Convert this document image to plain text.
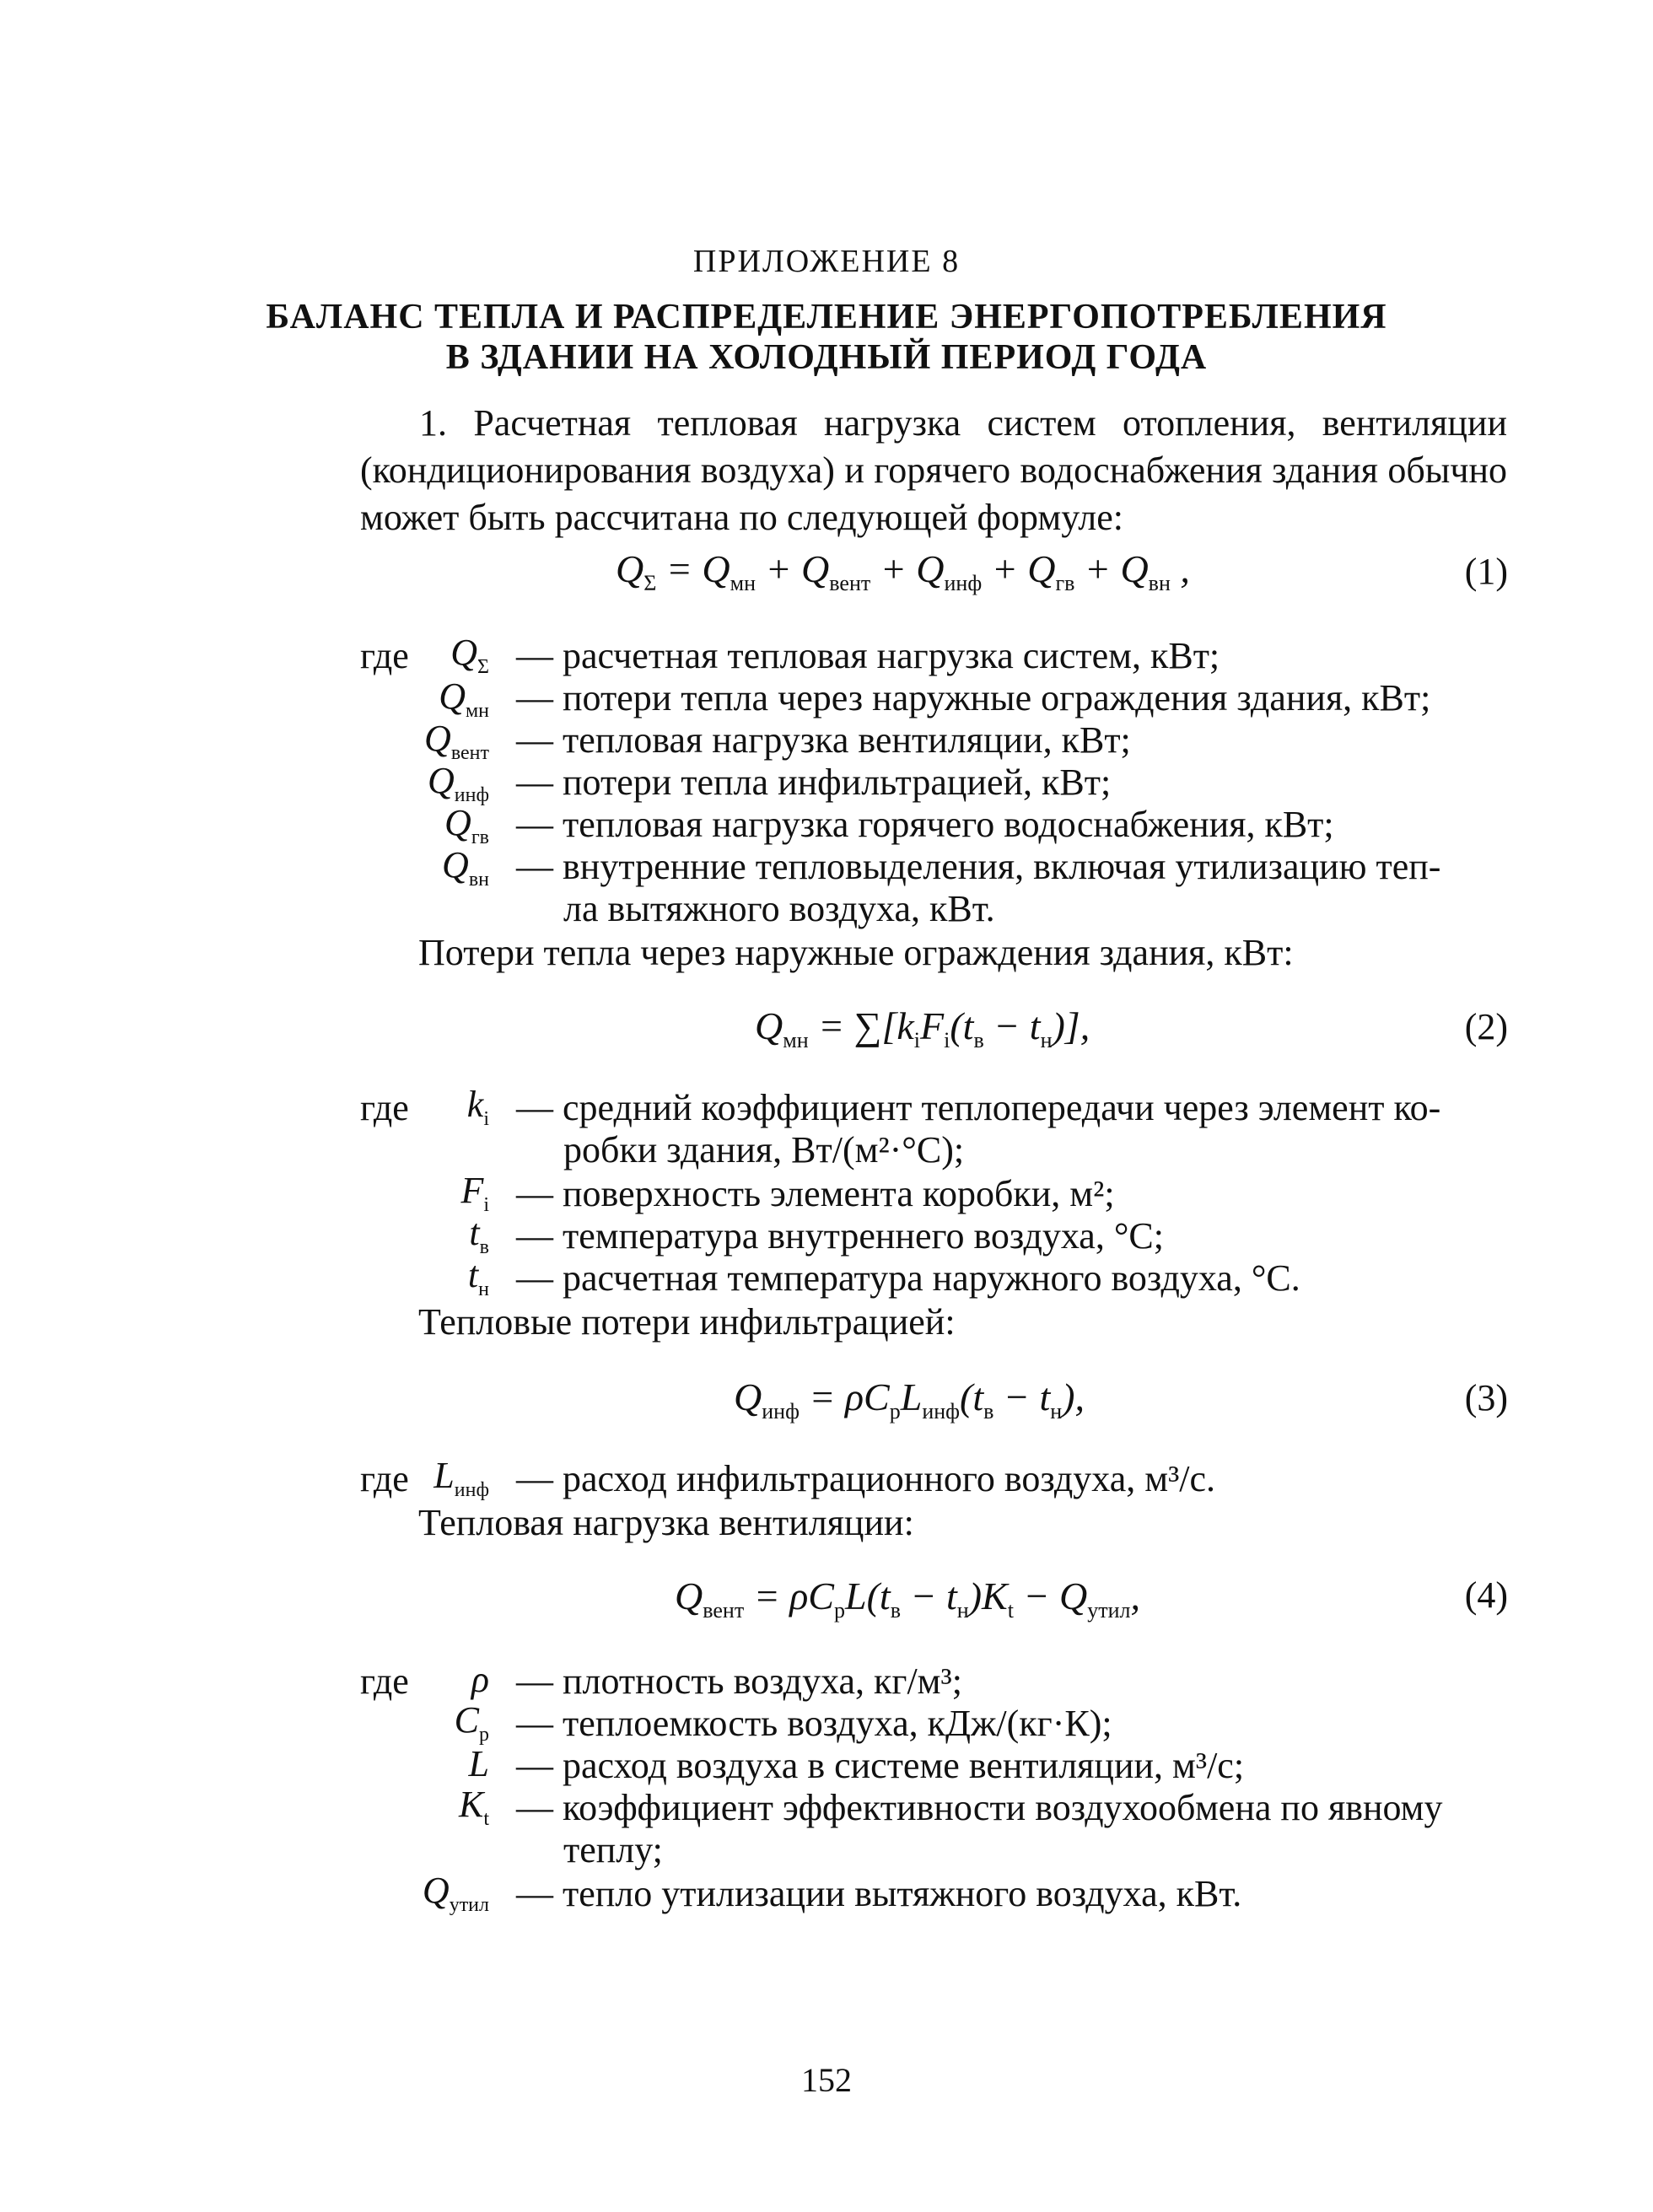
ПРИЛОЖЕНИЕ 8
БАЛАНС ТЕПЛА И РАСПРЕДЕЛЕНИЕ ЭНЕРГОПОТРЕБЛЕНИЯ
В ЗДАНИИ НА ХОЛОДНЫЙ ПЕРИОД ГОДА
1. Расчетная тепловая нагрузка систем отопления, вентиляции (кондиционирования воздуха) и горячего водоснабжения здания обычно может быть рассчитана по следующей формуле:
$Q_\Sigma = Q_{мн} + Q_{вент} + Q_{инф} + Q_{гв} + Q_{вн}$ ,	(1)
где	$Q_\Sigma$ — расчетная тепловая нагрузка систем, кВт;
$Q_{мн}$ — потери тепла через наружные ограждения здания, кВт;
$Q_{вент}$ — тепловая нагрузка вентиляции, кВт;
$Q_{инф}$ — потери тепла инфильтрацией, кВт;
$Q_{гв}$ — тепловая нагрузка горячего водоснабжения, кВт;
$Q_{вн}$ — внутренние тепловыделения, включая утилизацию теп-
ла вытяжного воздуха, кВт.
Потери тепла через наружные ограждения здания, кВт:
$Q_{мн} = \sum[k_iF_i(t_в - t_н)]$,	(2)
где	$k_i$ — средний коэффициент теплопередачи через элемент ко-
робки здания, Вт/(м²·°С);
$F_i$ — поверхность элемента коробки, м²;
$t_в$ — температура внутреннего воздуха, °С;
$t_н$ — расчетная температура наружного воздуха, °С.
Тепловые потери инфильтрацией:
$Q_{инф} = \rho C_pL_{инф}(t_в - t_н)$,	(3)
где $L_{инф}$ — расход инфильтрационного воздуха, м³/с.
Тепловая нагрузка вентиляции:
$Q_{вент} = \rho C_pL(t_в - t_н)K_t - Q_{утил}$,	(4)
где	ρ — плотность воздуха, кг/м³;
$C_p$ — теплоемкость воздуха, кДж/(кг·К);
L — расход воздуха в системе вентиляции, м³/с;
$K_t$ — коэффициент эффективности воздухообмена по явному
теплу;
$Q_{утил}$ — тепло утилизации вытяжного воздуха, кВт.
152
